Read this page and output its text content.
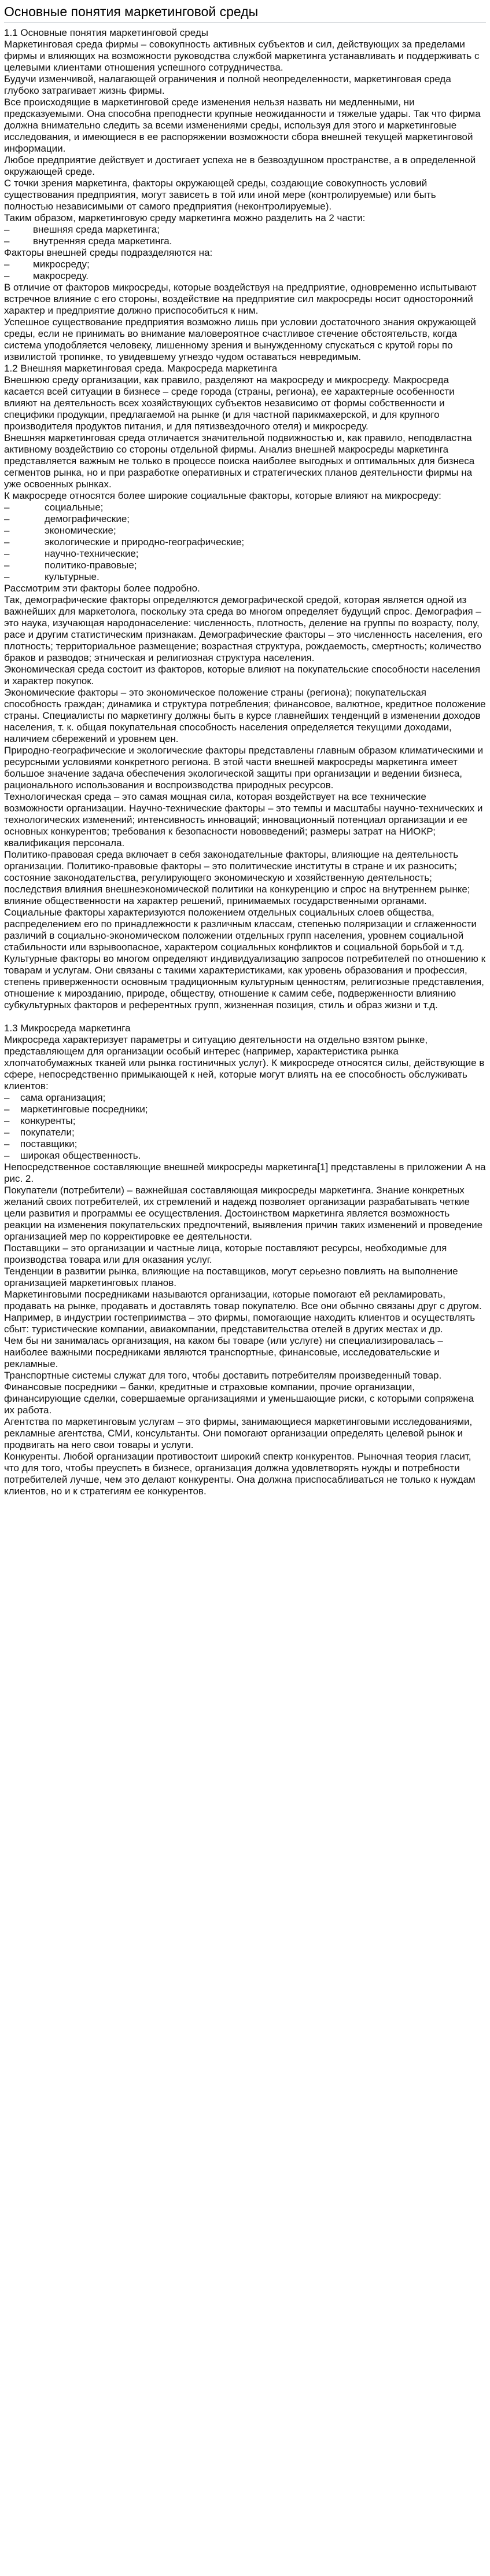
Основные понятия маркетинговой среды

1.1 Основные понятия маркетинговой среды

Маркетинговая среда фирмы – совокупность активных субъектов и сил, действующих за пределами фирмы и влияющих на возможности руководства службой маркетинга устанавливать и поддерживать с целевыми клиентами отношения успешного сотрудничества.

Будучи изменчивой, налагающей ограничения и полной неопределенности, маркетинговая среда глубоко затрагивает жизнь фирмы.

Все происходящие в маркетинговой среде изменения нельзя назвать ни медленными, ни предсказуемыми. Она способна преподнести крупные неожиданности и тяжелые удары. Так что фирма должна внимательно следить за всеми изменениями среды, используя для этого и маркетинговые исследования, и имеющиеся в ее распоряжении возможности сбора внешней текущей маркетинговой информации.

Любое предприятие действует и достигает успеха не в безвоздушном пространстве, а в определенной окружающей среде.

С точки зрения маркетинга, факторы окружающей среды, создающие совокупность условий существования предприятия, могут зависеть в той или иной мере (контролируемые) или быть полностью независимыми от самого предприятия (неконтролируемые).

Таким образом, маркетинговую среду маркетинга можно разделить на 2 части:

–	внешняя среда маркетинга;
–	внутренняя среда маркетинга.

Факторы внешней среды подразделяются на:

–	микросреду;
–	макросреду.

В отличие от факторов микросреды, которые воздействуя на предприятие, одновременно испытывают встречное влияние с его стороны, воздействие на предприятие сил макросреды носит односторонний характер и предприятие должно приспособиться к ним.

Успешное существование предприятия возможно лишь при условии достаточного знания окружающей среды, если не принимать во внимание маловероятное счастливое стечение обстоятельств, когда система уподобляется человеку, лишенному зрения и вынужденному спускаться с крутой горы по извилистой тропинке, то увидевшему угнездо чудом оставаться невредимым.

1.2 Внешняя маркетинговая среда. Макросреда маркетинга

Внешнюю среду организации, как правило, разделяют на макросреду и микросреду. Макросреда касается всей ситуации в бизнесе – среде города (страны, региона), ее характерные особенности влияют на деятельность всех хозяйствующих субъектов независимо от формы собственности и специфики продукции, предлагаемой на рынке (и для частной парикмахерской, и для крупного производителя продуктов питания, и для пятизвездочного отеля) и микросреду.

Внешняя маркетинговая среда отличается значительной подвижностью и, как правило, неподвластна активному воздействию со стороны отдельной фирмы. Анализ внешней макросреды маркетинга представляется важным не только в процессе поиска наиболее выгодных и оптимальных для бизнеса сегментов рынка, но и при разработке оперативных и стратегических планов деятельности фирмы на уже освоенных рынках.

К макросреде относятся более широкие социальные факторы, которые влияют на микросреду:

–	социальные;
–	демографические;
–	экономические;
–	экологические и природно-географические;
–	научно-технические;
–	политико-правовые;
–	культурные.

Рассмотрим эти факторы более подробно.

Так, демографические факторы определяются демографической средой, которая является одной из важнейших для маркетолога, поскольку эта среда во многом определяет будущий спрос. Демография – это наука, изучающая народонаселение: численность, плотность, деление на группы по возрасту, полу, расе и другим статистическим признакам. Демографические факторы – это численность населения, его плотность; территориальное размещение; возрастная структура, рождаемость, смертность; количество браков и разводов; этническая и религиозная структура населения.

Экономическая среда состоит из факторов, которые влияют на покупательские способности населения и характер покупок.

Экономические факторы – это экономическое положение страны (региона); покупательская способность граждан; динамика и структура потребления; финансовое, валютное, кредитное положение страны. Специалисты по маркетингу должны быть в курсе главнейших тенденций в изменении доходов населения, т. к. общая покупательная способность населения определяется текущими доходами, наличием сбережений и уровнем цен.

Природно-географические и экологические факторы представлены главным образом климатическими и ресурсными условиями конкретного региона. В этой части внешней макросреды маркетинга имеет большое значение задача обеспечения экологической защиты при организации и ведении бизнеса, рационального использования и воспроизводства природных ресурсов.

Технологическая среда – это самая мощная сила, которая воздействует на все технические возможности организации. Научно-технические факторы – это темпы и масштабы научно-технических и технологических изменений; интенсивность инноваций; инновационный потенциал организации и ее основных конкурентов; требования к безопасности нововведений; размеры затрат на НИОКР; квалификация персонала.

Политико-правовая среда включает в себя законодательные факторы, влияющие на деятельность организации. Политико-правовые факторы – это политические институты в стране и их разносить; состояние законодательства, регулирующего экономическую и хозяйственную деятельность; последствия влияния внешнеэкономической политики на конкуренцию и спрос на внутреннем рынке; влияние общественности на характер решений, принимаемых государственными органами.

Социальные факторы характеризуются положением отдельных социальных слоев общества, распределением его по принадлежности к различным классам, степенью поляризации и сглаженности различий в социально-экономическом положении отдельных групп населения, уровнем социальной стабильности или взрывоопасное, характером социальных конфликтов и социальной борьбой и т.д.

Культурные факторы во многом определяют индивидуализацию запросов потребителей по отношению к товарам и услугам. Они связаны с такими характеристиками, как уровень образования и профессия, степень приверженности основным традиционным культурным ценностям, религиозные представления, отношение к мирозданию, природе, обществу, отношение к самим себе, подверженности влиянию субкультурных факторов и референтных групп, жизненная позиция, стиль и образ жизни и т.д.

1.3 Микросреда маркетинга

Микросреда характеризует параметры и ситуацию деятельности на отдельно взятом рынке, представляющем для организации особый интерес (например, характеристика рынка хлопчатобумажных тканей или рынка гостиничных услуг). К микросреде относятся силы, действующие в сфере, непосредственно примыкающей к ней, которые могут влиять на ее способность обслуживать клиентов:

–	сама организация;
–	маркетинговые посредники;
–	конкуренты;
–	покупатели;
–	поставщики;
–	широкая общественность.

Непосредственное составляющие внешней микросреды маркетинга[1] представлены в приложении А на рис. 2.

Покупатели (потребители) – важнейшая составляющая микросреды маркетинга. Знание конкретных желаний своих потребителей, их стремлений и надежд позволяет организации разрабатывать четкие цели развития и программы ее осуществления. Достоинством маркетинга является возможность реакции на изменения покупательских предпочтений, выявления причин таких изменений и проведение организацией мер по корректировке ее деятельности.

Поставщики – это организации и частные лица, которые поставляют ресурсы, необходимые для производства товара или для оказания услуг.

Тенденции в развитии рынка, влияющие на поставщиков, могут серьезно повлиять на выполнение организацией маркетинговых планов.

Маркетинговыми посредниками называются организации, которые помогают ей рекламировать, продавать на рынке, продавать и доставлять товар покупателю. Все они обычно связаны друг с другом.

Например, в индустрии гостеприимства – это фирмы, помогающие находить клиентов и осуществлять сбыт: туристические компании, авиакомпании, представительства отелей в других местах и др.

Чем бы ни занималась организация, на каком бы товаре (или услуге) ни специализировалась – наиболее важными посредниками являются транспортные, финансовые, исследовательские и рекламные.

Транспортные системы служат для того, чтобы доставить потребителям произведенный товар.

Финансовые посредники – банки, кредитные и страховые компании, прочие организации, финансирующие сделки, совершаемые организациями и уменьшающие риски, с которыми сопряжена их работа.

Агентства по маркетинговым услугам – это фирмы, занимающиеся маркетинговыми исследованиями, рекламные агентства, СМИ, консультанты. Они помогают организации определять целевой рынок и продвигать на него свои товары и услуги.

Конкуренты. Любой организации противостоит широкий спектр конкурентов. Рыночная теория гласит, что для того, чтобы преуспеть в бизнесе, организация должна удовлетворять нужды и потребности потребителей лучше, чем это делают конкуренты. Она должна приспосабливаться не только к нуждам клиентов, но и к стратегиям ее конкурентов.
